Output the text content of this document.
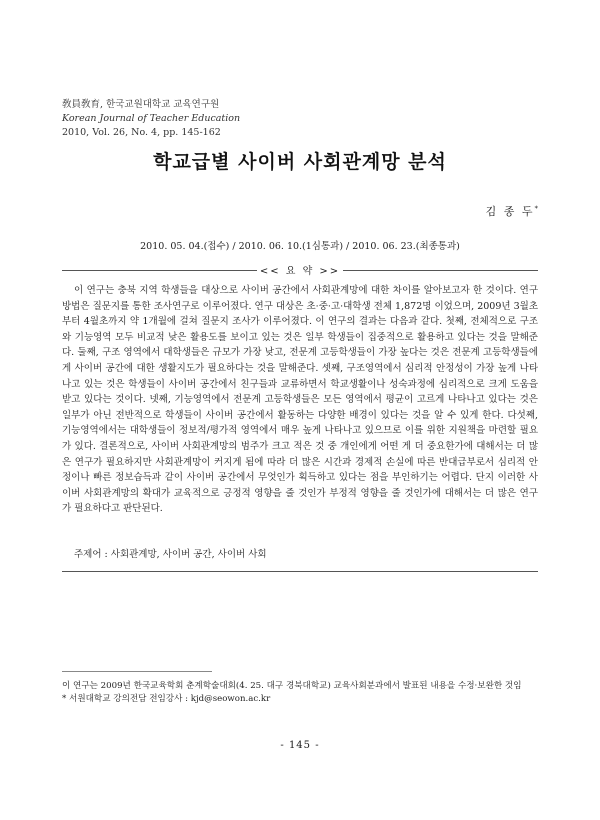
敎員敎育, 한국교원대학교 교육연구원
Korean Journal of Teacher Education
2010, Vol. 26, No. 4, pp. 145-162
학교급별 사이버 사회관계망 분석
김 종 두*
2010. 05. 04.(접수) / 2010. 06. 10.(1심통과) / 2010. 06. 23.(최종통과)
<< 요 약 >>
이 연구는 충북 지역 학생들을 대상으로 사이버 공간에서 사회관계망에 대한 차이를 알아보고자 한 것이다. 연구방법은 질문지를 통한 조사연구로 이루어졌다. 연구 대상은 초·중·고·대학생 전체 1,872명 이었으며, 2009년 3월초부터 4월초까지 약 1개월에 걸쳐 질문지 조사가 이루어졌다. 이 연구의 결과는 다음과 같다. 첫째, 전체적으로 구조와 기능영역 모두 비교적 낮은 활용도를 보이고 있는 것은 일부 학생들이 집중적으로 활용하고 있다는 것을 말해준다. 둘째, 구조 영역에서 대학생들은 규모가 가장 낮고, 전문계 고등학생들이 가장 높다는 것은 전문계 고등학생들에게 사이버 공간에 대한 생활지도가 필요하다는 것을 말해준다. 셋째, 구조영역에서 심리적 안정성이 가장 높게 나타나고 있는 것은 학생들이 사이버 공간에서 친구들과 교류하면서 학교생활이나 성숙과정에 심리적으로 크게 도움을 받고 있다는 것이다. 넷째, 기능영역에서 전문계 고등학생들은 모든 영역에서 평균이 고르게 나타나고 있다는 것은 일부가 아닌 전반적으로 학생들이 사이버 공간에서 활동하는 다양한 배경이 있다는 것을 알 수 있게 한다. 다섯째, 기능영역에서는 대학생들이 정보적/평가적 영역에서 매우 높게 나타나고 있으므로 이를 위한 지원책을 마련할 필요가 있다. 결론적으로, 사이버 사회관계망의 범주가 크고 적은 것 중 개인에게 어떤 게 더 중요한가에 대해서는 더 많은 연구가 필요하지만 사회관계망이 커지게 됨에 따라 더 많은 시간과 경제적 손실에 따른 반대급부로서 심리적 안정이나 빠른 정보습득과 같이 사이버 공간에서 무엇인가 획득하고 있다는 점을 부인하기는 어렵다. 단지 이러한 사이버 사회관계망의 확대가 교육적으로 긍정적 영향을 줄 것인가 부정적 영향을 줄 것인가에 대해서는 더 많은 연구가 필요하다고 판단된다.
주제어 : 사회관계망, 사이버 공간, 사이버 사회

이 연구는 2009년 한국교육학회 춘계학술대회(4. 25. 대구 경북대학교) 교육사회분과에서 발표된 내용을 수정·보완한 것임

* 서원대학교 강의전담 전임강사 : kjd@seowon.ac.kr

- 145 -
